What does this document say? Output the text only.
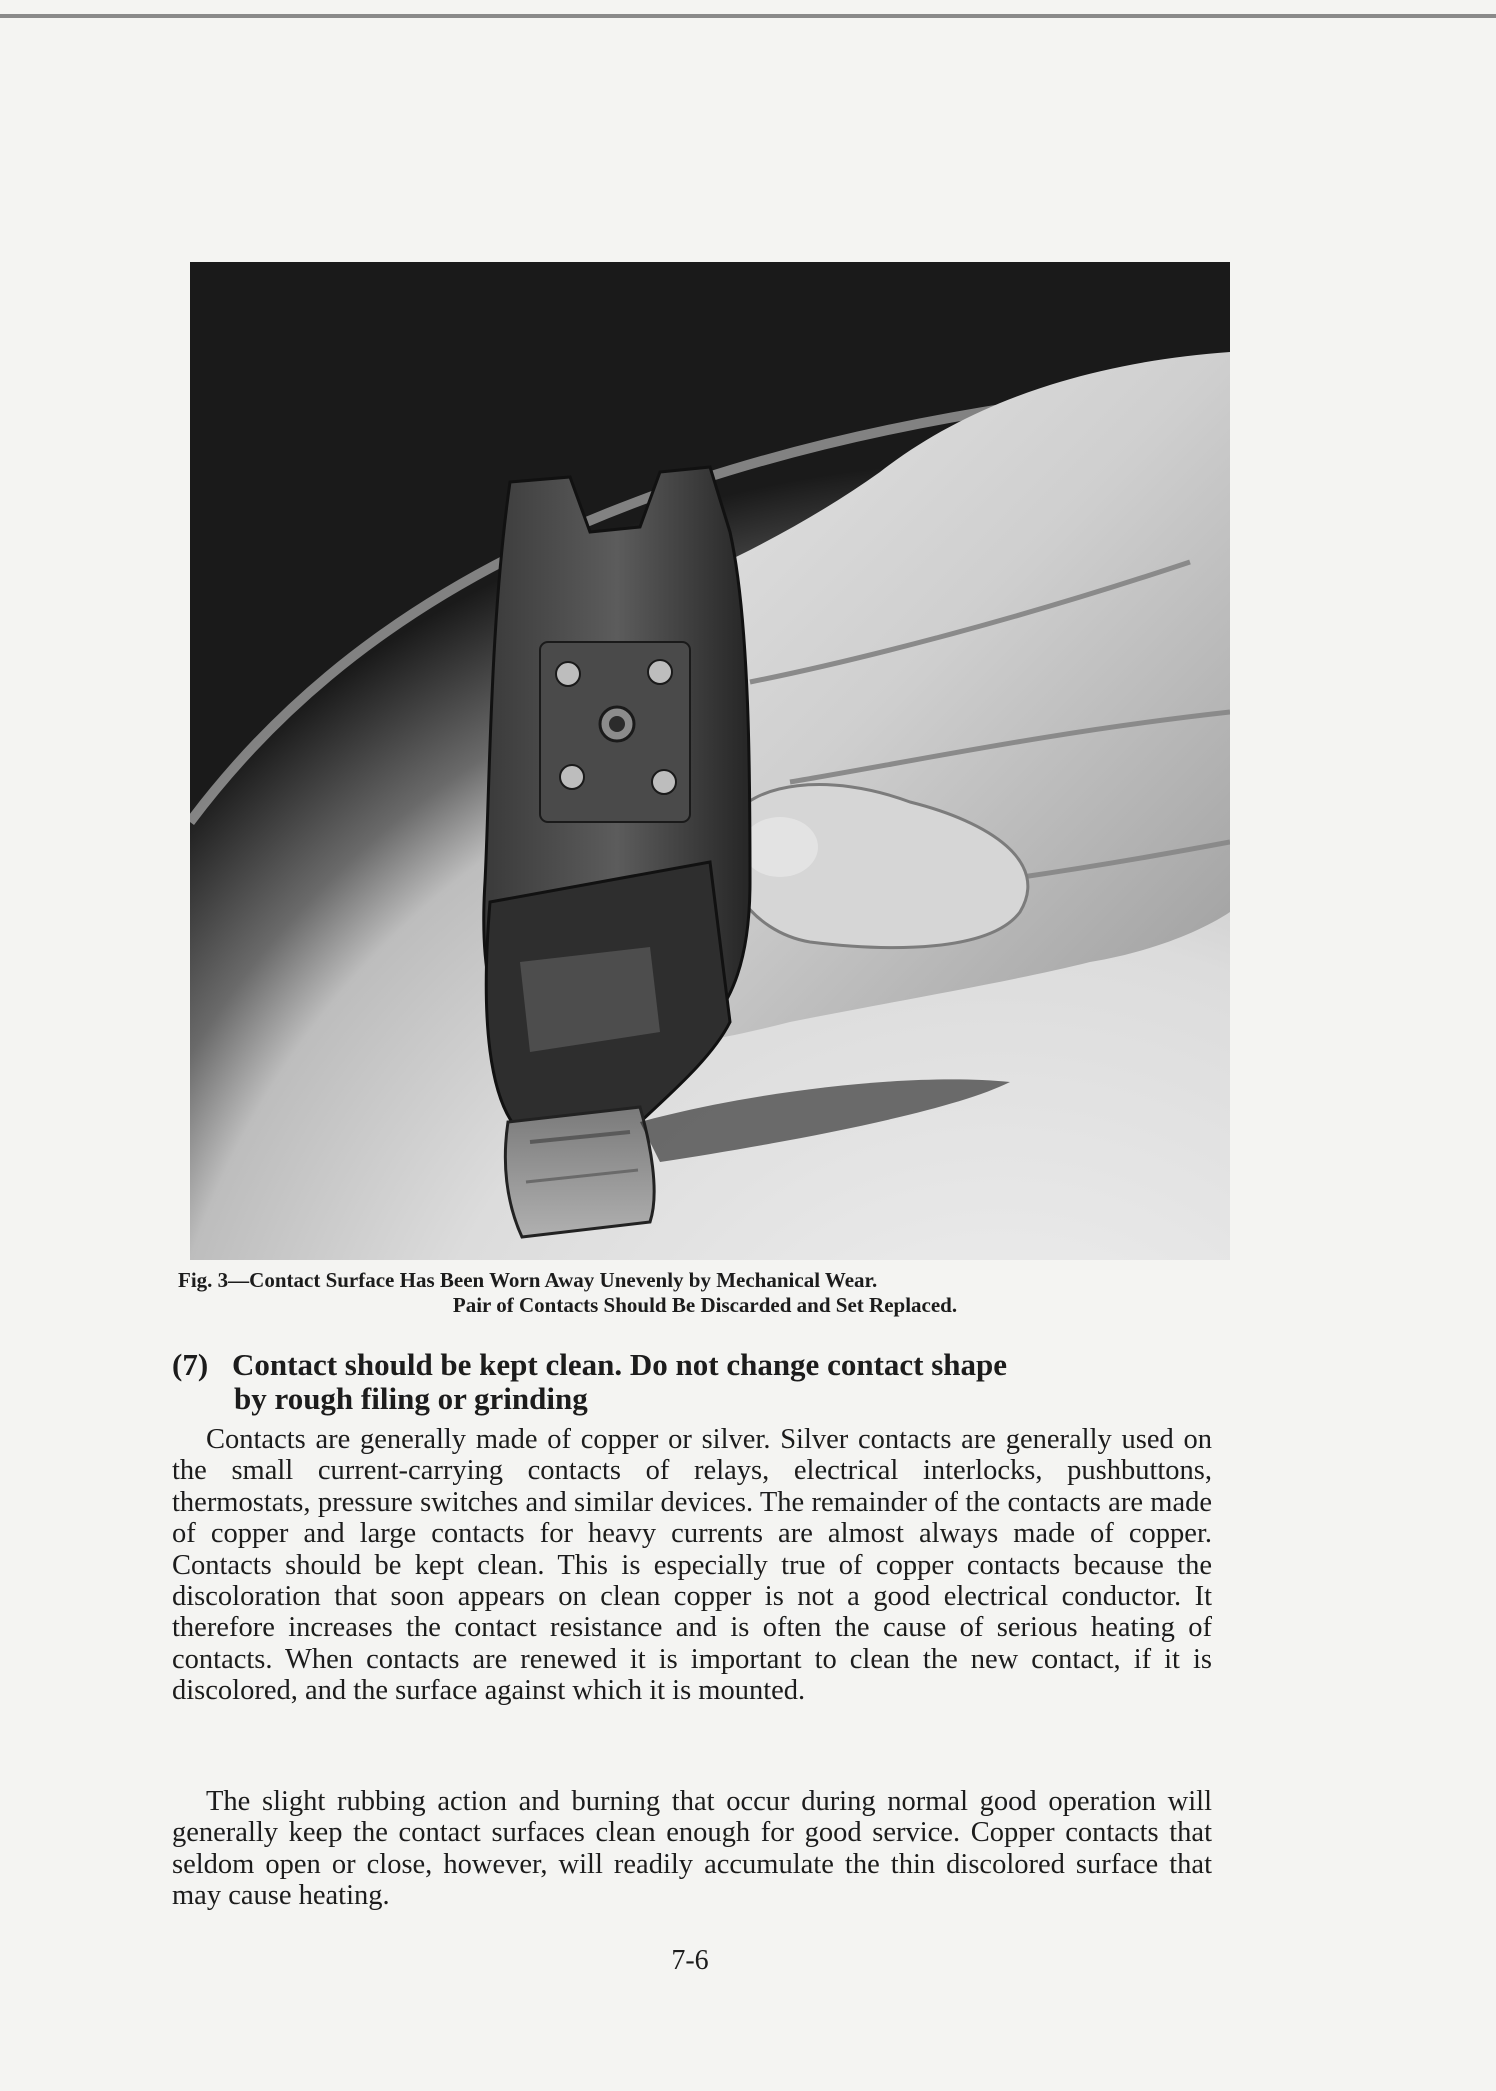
Fig. 3—Contact Surface Has Been Worn Away Unevenly by Mechanical Wear.
Pair of Contacts Should Be Discarded and Set Replaced.
(7) Contact should be kept clean. Do not change contact shape
by rough filing or grinding

Contacts are generally made of copper or silver. Silver contacts are generally used on the small current-carrying contacts of relays, electrical interlocks, pushbuttons, thermostats, pressure switches and similar devices. The remainder of the contacts are made of copper and large contacts for heavy currents are almost always made of copper. Contacts should be kept clean. This is especially true of copper contacts because the discoloration that soon appears on clean copper is not a good electrical conductor. It therefore increases the contact resistance and is often the cause of serious heating of contacts. When contacts are renewed it is important to clean the new contact, if it is discolored, and the surface against which it is mounted.

The slight rubbing action and burning that occur during normal good operation will generally keep the contact surfaces clean enough for good service. Copper contacts that seldom open or close, however, will readily accumulate the thin discolored surface that may cause heating.

7-6
